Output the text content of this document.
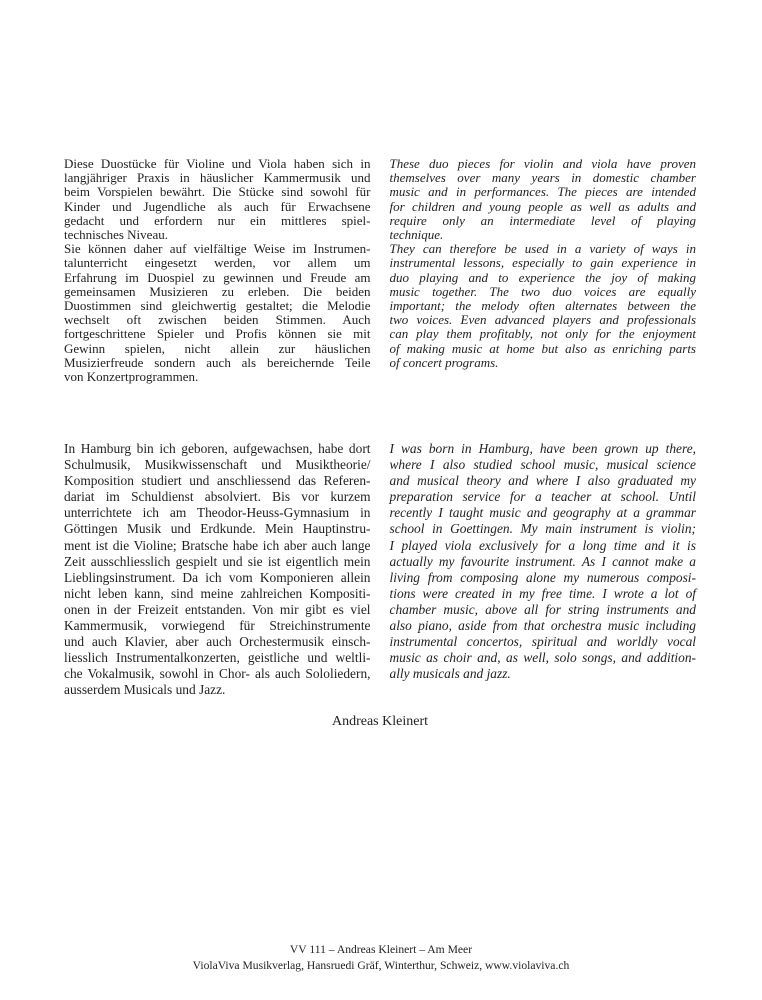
Diese Duostücke für Violine und Viola haben sich in
langjähriger Praxis in häuslicher Kammermusik und
beim Vorspielen bewährt. Die Stücke sind sowohl für
Kinder und Jugendliche als auch für Erwachsene
gedacht und erfordern nur ein mittleres spiel-
technisches Niveau.
Sie können daher auf vielfältige Weise im Instrumen-
talunterricht eingesetzt werden, vor allem um
Erfahrung im Duospiel zu gewinnen und Freude am
gemeinsamen Musizieren zu erleben. Die beiden
Duostimmen sind gleichwertig gestaltet; die Melodie
wechselt oft zwischen beiden Stimmen. Auch
fortgeschrittene Spieler und Profis können sie mit
Gewinn spielen, nicht allein zur häuslichen
Musizierfreude sondern auch als bereichernde Teile
von Konzertprogrammen.
These duo pieces for violin and viola have proven
themselves over many years in domestic chamber
music and in performances. The pieces are intended
for children and young people as well as adults and
require only an intermediate level of playing
technique.
They can therefore be used in a variety of ways in
instrumental lessons, especially to gain experience in
duo playing and to experience the joy of making
music together. The two duo voices are equally
important; the melody often alternates between the
two voices. Even advanced players and professionals
can play them profitably, not only for the enjoyment
of making music at home but also as enriching parts
of concert programs.
In Hamburg bin ich geboren, aufgewachsen, habe dort
Schulmusik, Musikwissenschaft und Musiktheorie/
Komposition studiert und anschliessend das Referen-
dariat im Schuldienst absolviert. Bis vor kurzem
unterrichtete ich am Theodor-Heuss-Gymnasium in
Göttingen Musik und Erdkunde. Mein Hauptinstru-
ment ist die Violine; Bratsche habe ich aber auch lange
Zeit ausschliesslich gespielt und sie ist eigentlich mein
Lieblingsinstrument. Da ich vom Komponieren allein
nicht leben kann, sind meine zahlreichen Kompositi-
onen in der Freizeit entstanden. Von mir gibt es viel
Kammermusik, vorwiegend für Streichinstrumente
und auch Klavier, aber auch Orchestermusik einsch-
liesslich Instrumentalkonzerten, geistliche und weltli-
che Vokalmusik, sowohl in Chor- als auch Sololiedern,
ausserdem Musicals und Jazz.
I was born in Hamburg, have been grown up there,
where I also studied school music, musical science
and musical theory and where I also graduated my
preparation service for a teacher at school. Until
recently I taught music and geography at a grammar
school in Goettingen. My main instrument is violin;
I played viola exclusively for a long time and it is
actually my favourite instrument. As I cannot make a
living from composing alone my numerous composi-
tions were created in my free time. I wrote a lot of
chamber music, above all for string instruments and
also piano, aside from that orchestra music including
instrumental concertos, spiritual and worldly vocal
music as choir and, as well, solo songs, and addition-
ally musicals and jazz.
Andreas Kleinert
VV 111 – Andreas Kleinert – Am Meer
ViolaViva Musikverlag, Hansruedi Gräf, Winterthur, Schweiz, www.violaviva.ch
